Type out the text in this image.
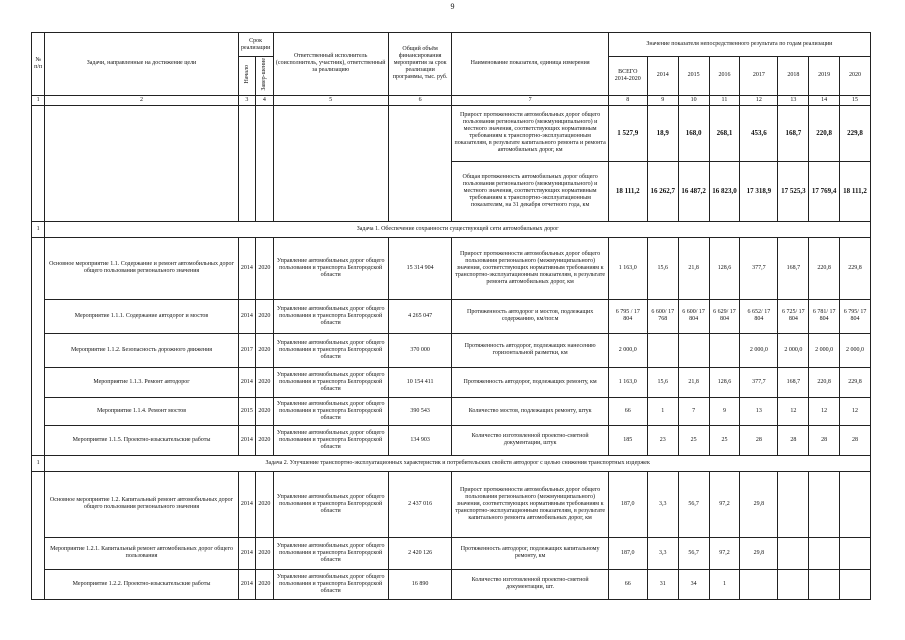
9
№ п/п	Задачи, направленные на достижение цели	Срок реализации		Ответственный исполнитель (соисполнитель, участник), ответственный за реализацию	Общий объём финансирования мероприятия за срок реализации программы, тыс. руб.	Наименование показателя, единица измерения	Значение показателя непосредственного результата по годам реализации							
		Начало	Завер-шение				ВСЕГО 2014-2020	2014	2015	2016	2017	2018	2019	2020
1	2	3	4	5	6	7	8	9	10	11	12	13	14	15
						Прирост протяженности автомобильных дорог общего пользования регионального (межмуниципального) и местного значения, соответствующих нормативным требованиям к транспортно-эксплуатационным показателям, в результате капитального ремонта и ремонта автомобильных дорог, км	1 527,9	18,9	168,0	268,1	453,6	168,7	220,8	229,8
						Общая протяженность автомобильных дорог общего пользования регионального (межмуниципального) и местного значения, соответствующих нормативным требованиям к транспортно-эксплуатационным показателям, на 31 декабря отчетного года, км	18 111,2	16 262,7	16 487,2	16 823,0	17 318,9	17 525,3	17 769,4	18 111,2
1	Задача 1. Обеспечение сохранности существующей сети автомобильных дорог													
	Основное мероприятие 1.1. Содержание и ремонт автомобильных дорог общего пользования регионального значения	2014	2020	Управление автомобильных дорог общего пользования и транспорта Белгородской области	15 314 904	Прирост протяженности автомобильных дорог общего пользования регионального (межмуниципального) значения, соответствующих нормативным требованиям к транспортно-эксплуатационным показателям, в результате ремонта автомобильных дорог, км	1 163,0	15,6	21,8	128,6	377,7	168,7	220,8	229,8
	Мероприятие 1.1.1. Содержание автодорог и мостов	2014	2020	Управление автомобильных дорог общего пользования и транспорта Белгородской области	4 265 047	Протяженность автодорог и мостов, подлежащих содержанию, км/пог.м	6 795 / 17 804	6 600/ 17 768	6 600/ 17 804	6 629/ 17 804	6 652/ 17 804	6 725/ 17 804	6 781/ 17 804	6 795/ 17 804
	Мероприятие 1.1.2. Безопасность дорожного движения	2017	2020	Управление автомобильных дорог общего пользования и транспорта Белгородской области	370 000	Протяженность автодорог, подлежащих нанесению горизонтальной разметки, км	2 000,0				2 000,0	2 000,0	2 000,0	2 000,0
	Мероприятие 1.1.3. Ремонт автодорог	2014	2020	Управление автомобильных дорог общего пользования и транспорта Белгородской области	10 154 411	Протяженность автодорог, подлежащих ремонту, км	1 163,0	15,6	21,8	128,6	377,7	168,7	220,8	229,8
	Мероприятие 1.1.4. Ремонт мостов	2015	2020	Управление автомобильных дорог общего пользования и транспорта Белгородской области	390 543	Количество мостов, подлежащих ремонту, штук	66	1	7	9	13	12	12	12
	Мероприятие 1.1.5. Проектно-изыскательские работы	2014	2020	Управление автомобильных дорог общего пользования и транспорта Белгородской области	134 903	Количество изготовленной проектно-сметной документации, штук	185	23	25	25	28	28	28	28
1	Задача 2. Улучшение транспортно-эксплуатационных характеристик и потребительских свойств автодорог с целью снижения транспортных издержек													
	Основное мероприятие 1.2. Капитальный ремонт автомобильных дорог общего пользования регионального значения	2014	2020	Управление автомобильных дорог общего пользования и транспорта Белгородской области	2 437 016	Прирост протяженности автомобильных дорог общего пользования регионального (межмуниципального) значения, соответствующих нормативным требованиям к транспортно-эксплуатационным показателям, в результате капитального ремонта автомобильных дорог, км	187,0	3,3	56,7	97,2	29,8			
	Мероприятие 1.2.1. Капитальный ремонт автомобильных дорог общего пользования	2014	2020	Управление автомобильных дорог общего пользования и транспорта Белгородской области	2 420 126	Протяженность автодорог, подлежащих капитальному ремонту, км	187,0	3,3	56,7	97,2	29,8			
	Мероприятие 1.2.2. Проектно-изыскательские работы	2014	2020	Управление автомобильных дорог общего пользования и транспорта Белгородской области	16 890	Количество изготовленной проектно-сметной документации, шт.	66	31	34	1				
